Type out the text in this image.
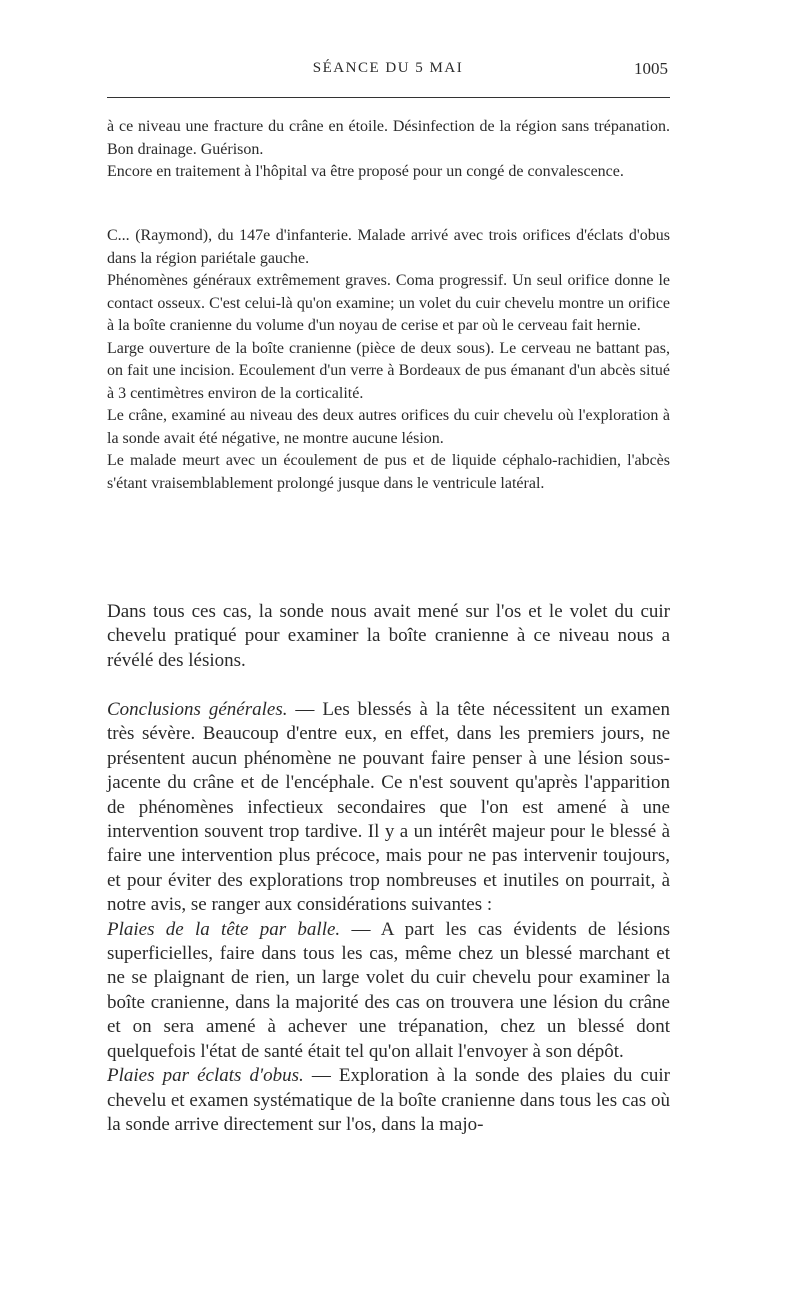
SÉANCE DU 5 MAI	1005

à ce niveau une fracture du crâne en étoile. Désinfection de la région sans trépanation. Bon drainage. Guérison.

Encore en traitement à l'hôpital va être proposé pour un congé de convalescence.

C... (Raymond), du 147e d'infanterie. Malade arrivé avec trois orifices d'éclats d'obus dans la région pariétale gauche.

Phénomènes généraux extrêmement graves. Coma progressif. Un seul orifice donne le contact osseux. C'est celui-là qu'on examine; un volet du cuir chevelu montre un orifice à la boîte cranienne du volume d'un noyau de cerise et par où le cerveau fait hernie.

Large ouverture de la boîte cranienne (pièce de deux sous). Le cerveau ne battant pas, on fait une incision. Ecoulement d'un verre à Bordeaux de pus émanant d'un abcès situé à 3 centimètres environ de la corticalité.

Le crâne, examiné au niveau des deux autres orifices du cuir chevelu où l'exploration à la sonde avait été négative, ne montre aucune lésion.

Le malade meurt avec un écoulement de pus et de liquide céphalo-rachidien, l'abcès s'étant vraisemblablement prolongé jusque dans le ventricule latéral.

Dans tous ces cas, la sonde nous avait mené sur l'os et le volet du cuir chevelu pratiqué pour examiner la boîte cranienne à ce niveau nous a révélé des lésions.

Conclusions générales. — Les blessés à la tête nécessitent un examen très sévère. Beaucoup d'entre eux, en effet, dans les premiers jours, ne présentent aucun phénomène ne pouvant faire penser à une lésion sous-jacente du crâne et de l'encéphale. Ce n'est souvent qu'après l'apparition de phénomènes infectieux secondaires que l'on est amené à une intervention souvent trop tardive. Il y a un intérêt majeur pour le blessé à faire une intervention plus précoce, mais pour ne pas intervenir toujours, et pour éviter des explorations trop nombreuses et inutiles on pourrait, à notre avis, se ranger aux considérations suivantes :

Plaies de la tête par balle. — A part les cas évidents de lésions superficielles, faire dans tous les cas, même chez un blessé marchant et ne se plaignant de rien, un large volet du cuir chevelu pour examiner la boîte cranienne, dans la majorité des cas on trouvera une lésion du crâne et on sera amené à achever une trépanation, chez un blessé dont quelquefois l'état de santé était tel qu'on allait l'envoyer à son dépôt.

Plaies par éclats d'obus. — Exploration à la sonde des plaies du cuir chevelu et examen systématique de la boîte cranienne dans tous les cas où la sonde arrive directement sur l'os, dans la majo-
